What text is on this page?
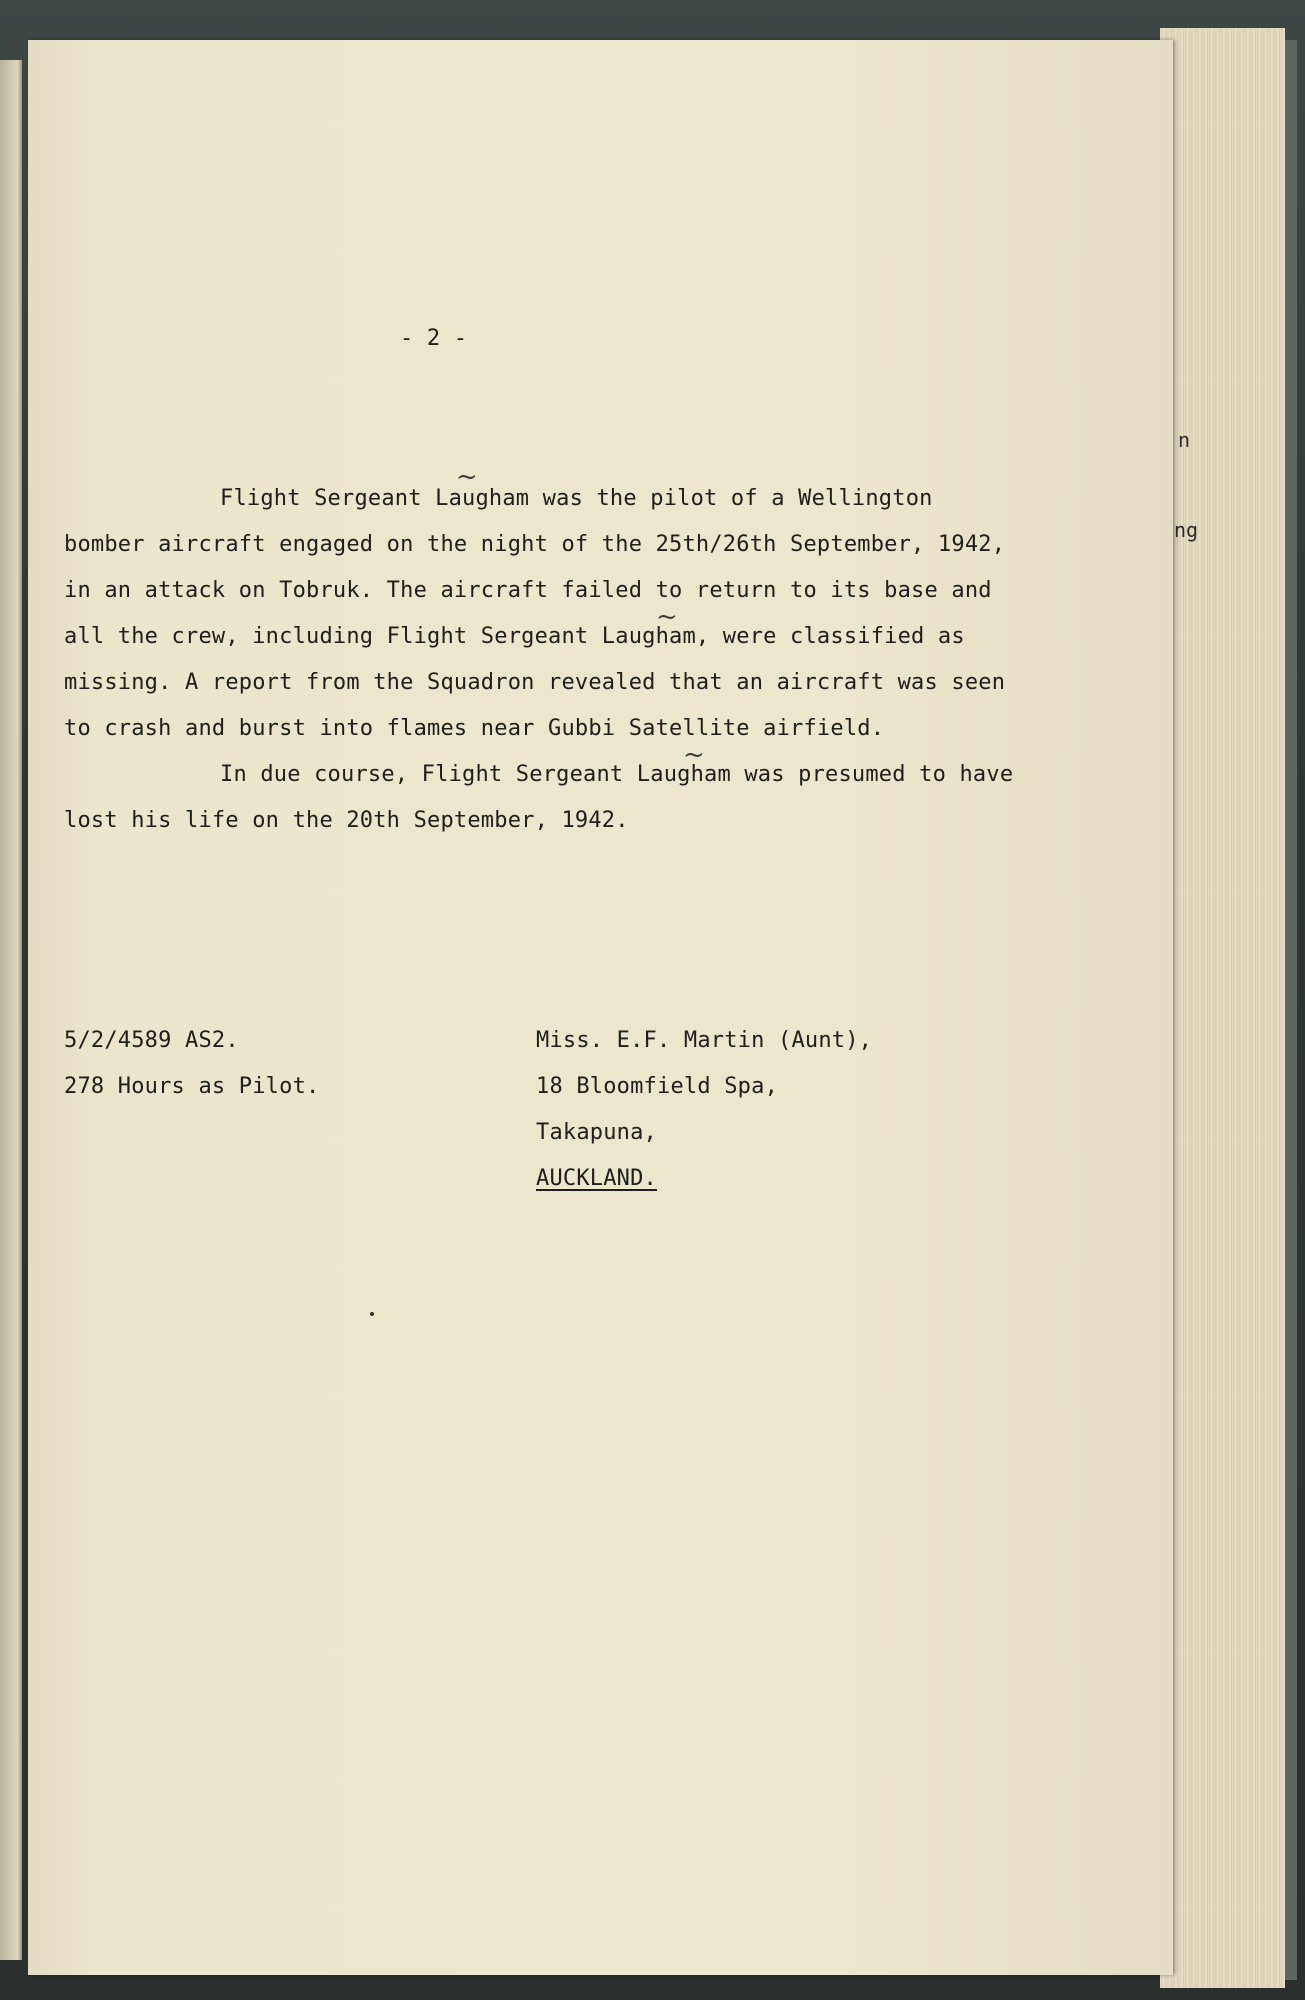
n
ng
- 2 -
~
Flight Sergeant Laugham was the pilot of a Wellington
bomber aircraft engaged on the night of the 25th/26th September, 1942,
in an attack on Tobruk. The aircraft failed to return to its base and
~
all the crew, including Flight Sergeant Laugham, were classified as
missing. A report from the Squadron revealed that an aircraft was seen
to crash and burst into flames near Gubbi Satellite airfield.
~
In due course, Flight Sergeant Laugham was presumed to have
lost his life on the 20th September, 1942.
5/2/4589 AS2.
278 Hours as Pilot.
Miss. E.F. Martin (Aunt),
18 Bloomfield Spa,
Takapuna,
AUCKLAND.
